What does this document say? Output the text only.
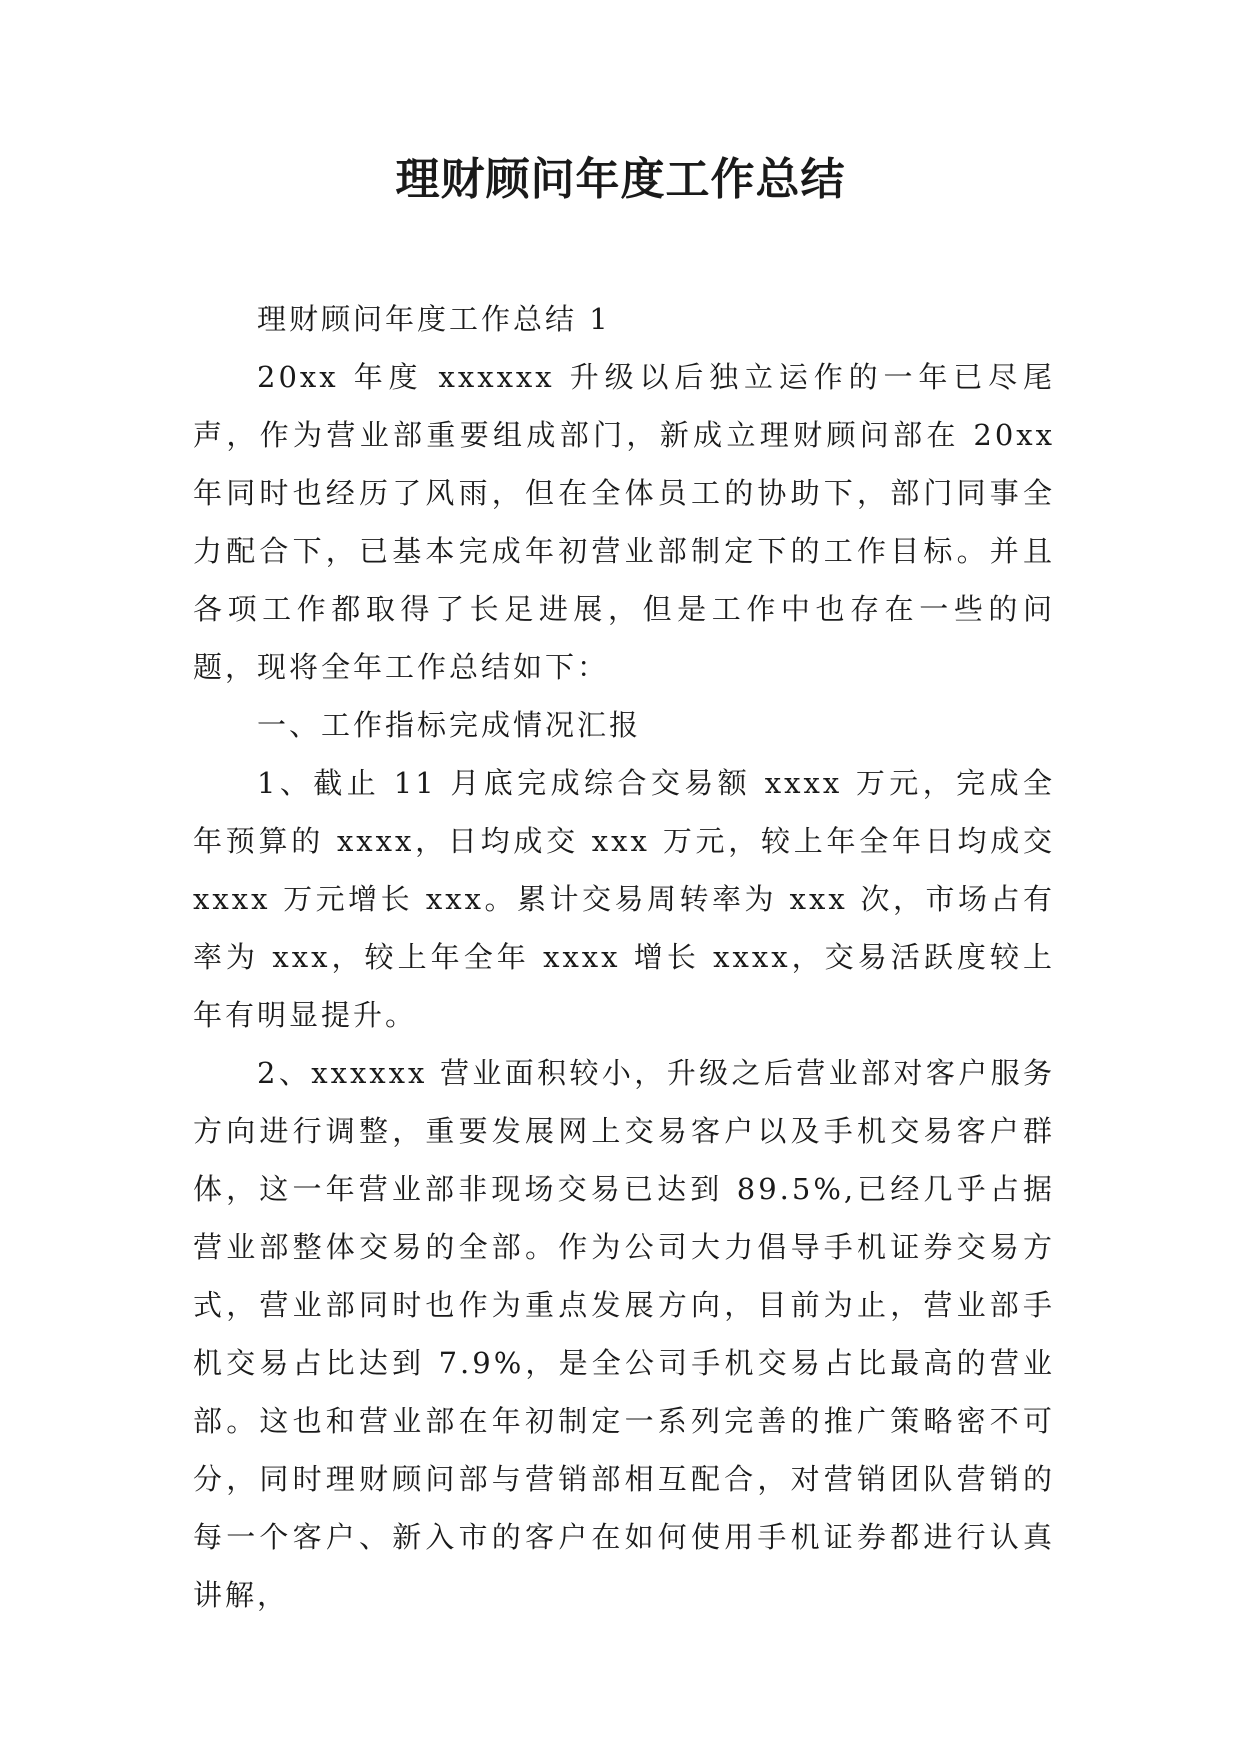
理财顾问年度工作总结

理财顾问年度工作总结 1

20xx 年度 xxxxxx 升级以后独立运作的一年已尽尾声，作为营业部重要组成部门，新成立理财顾问部在 20xx 年同时也经历了风雨，但在全体员工的协助下，部门同事全力配合下，已基本完成年初营业部制定下的工作目标。并且各项工作都取得了长足进展，但是工作中也存在一些的问题，现将全年工作总结如下：

一、工作指标完成情况汇报

1、截止 11 月底完成综合交易额 xxxx 万元，完成全年预算的 xxxx，日均成交 xxx 万元，较上年全年日均成交 xxxx 万元增长 xxx。累计交易周转率为 xxx 次，市场占有率为 xxx，较上年全年 xxxx 增长 xxxx，交易活跃度较上年有明显提升。

2、xxxxxx 营业面积较小，升级之后营业部对客户服务方向进行调整，重要发展网上交易客户以及手机交易客户群体，这一年营业部非现场交易已达到 89.5%,已经几乎占据营业部整体交易的全部。作为公司大力倡导手机证券交易方式，营业部同时也作为重点发展方向，目前为止，营业部手机交易占比达到 7.9%，是全公司手机交易占比最高的营业部。这也和营业部在年初制定一系列完善的推广策略密不可分，同时理财顾问部与营销部相互配合，对营销团队营销的每一个客户、新入市的客户在如何使用手机证券都进行认真讲解，
